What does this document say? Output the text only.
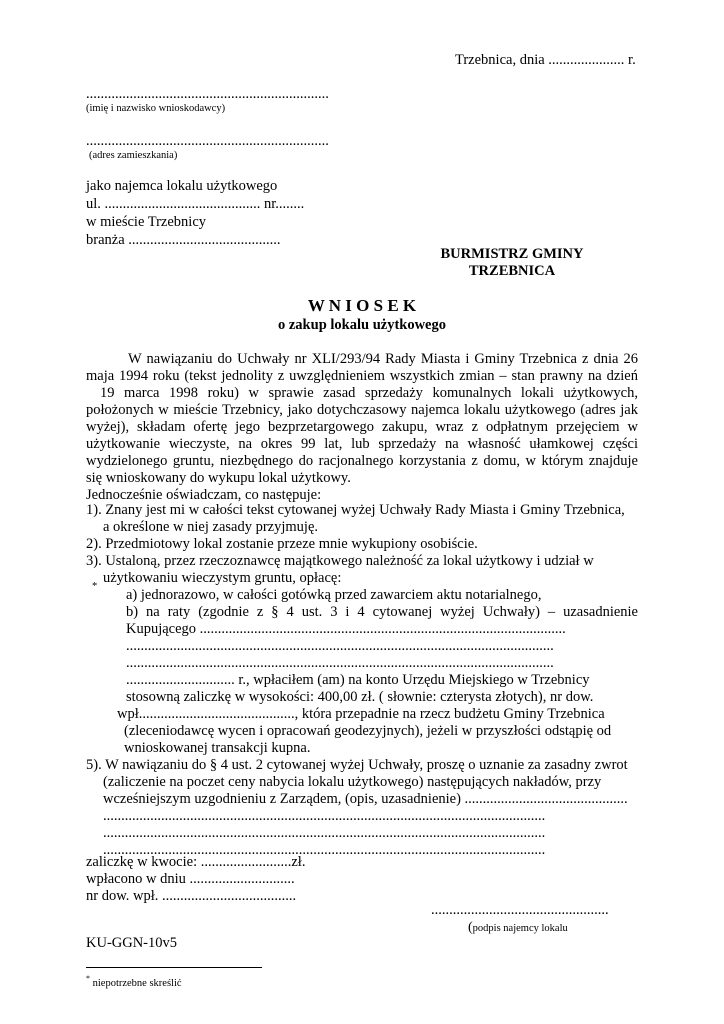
Trzebnica, dnia ..................... r.
...................................................................
(imię i nazwisko wnioskodawcy)
...................................................................
(adres zamieszkania)
jako najemca lokalu użytkowego
ul. ........................................... nr........
w mieście Trzebnicy
branża ..........................................
BURMISTRZ GMINY
TRZEBNICA
W N I O S E K
o zakup lokalu użytkowego
W nawiązaniu do Uchwały nr XLI/293/94 Rady Miasta i Gminy Trzebnica z dnia 26
maja 1994 roku (tekst jednolity z uwzględnieniem wszystkich zmian – stan prawny na dzień
19 marca 1998 roku) w sprawie zasad sprzedaży komunalnych lokali użytkowych,
położonych w mieście Trzebnicy, jako dotychczasowy najemca lokalu użytkowego (adres jak
wyżej), składam ofertę jego bezprzetargowego zakupu, wraz z odpłatnym przejęciem w
użytkowanie wieczyste, na okres 99 lat, lub sprzedaży na własność ułamkowej części
wydzielonego gruntu, niezbędnego do racjonalnego korzystania z domu, w którym znajduje
się wnioskowany do wykupu lokal użytkowy.
Jednocześnie oświadczam, co następuje:
1). Znany jest mi w całości tekst cytowanej wyżej Uchwały Rady Miasta i Gminy Trzebnica,
a określone w niej zasady przyjmuję.
2). Przedmiotowy lokal zostanie przeze mnie wykupiony osobiście.
3). Ustaloną, przez rzeczoznawcę majątkowego należność za lokal użytkowy i udział w
użytkowaniu wieczystym gruntu, opłacę:
*
a) jednorazowo, w całości gotówką przed zawarciem aktu notarialnego,
b) na raty (zgodnie z § 4 ust. 3 i 4 cytowanej wyżej Uchwały) – uzasadnienie
Kupującego .....................................................................................................
......................................................................................................................
......................................................................................................................
.............................. r., wpłaciłem (am) na konto Urzędu Miejskiego w Trzebnicy
stosowną zaliczkę w wysokości: 400,00 zł. ( słownie: czterysta złotych), nr dow.
wpł..........................................., która przepadnie na rzecz budżetu Gminy Trzebnica
(zleceniodawcę wycen i opracowań geodezyjnych), jeżeli w przyszłości odstąpię od
wnioskowanej transakcji kupna.
5). W nawiązaniu do § 4 ust. 2 cytowanej wyżej Uchwały, proszę o uznanie za zasadny zwrot
(zaliczenie na poczet ceny nabycia lokalu użytkowego) następujących nakładów, przy
wcześniejszym uzgodnieniu z Zarządem, (opis, uzasadnienie) .............................................
..........................................................................................................................
..........................................................................................................................
..........................................................................................................................
zaliczkę w kwocie: .........................zł.
wpłacono w dniu .............................
nr dow. wpł. .....................................
.................................................
(podpis najemcy lokalu
KU-GGN-10v5
* niepotrzebne skreślić
